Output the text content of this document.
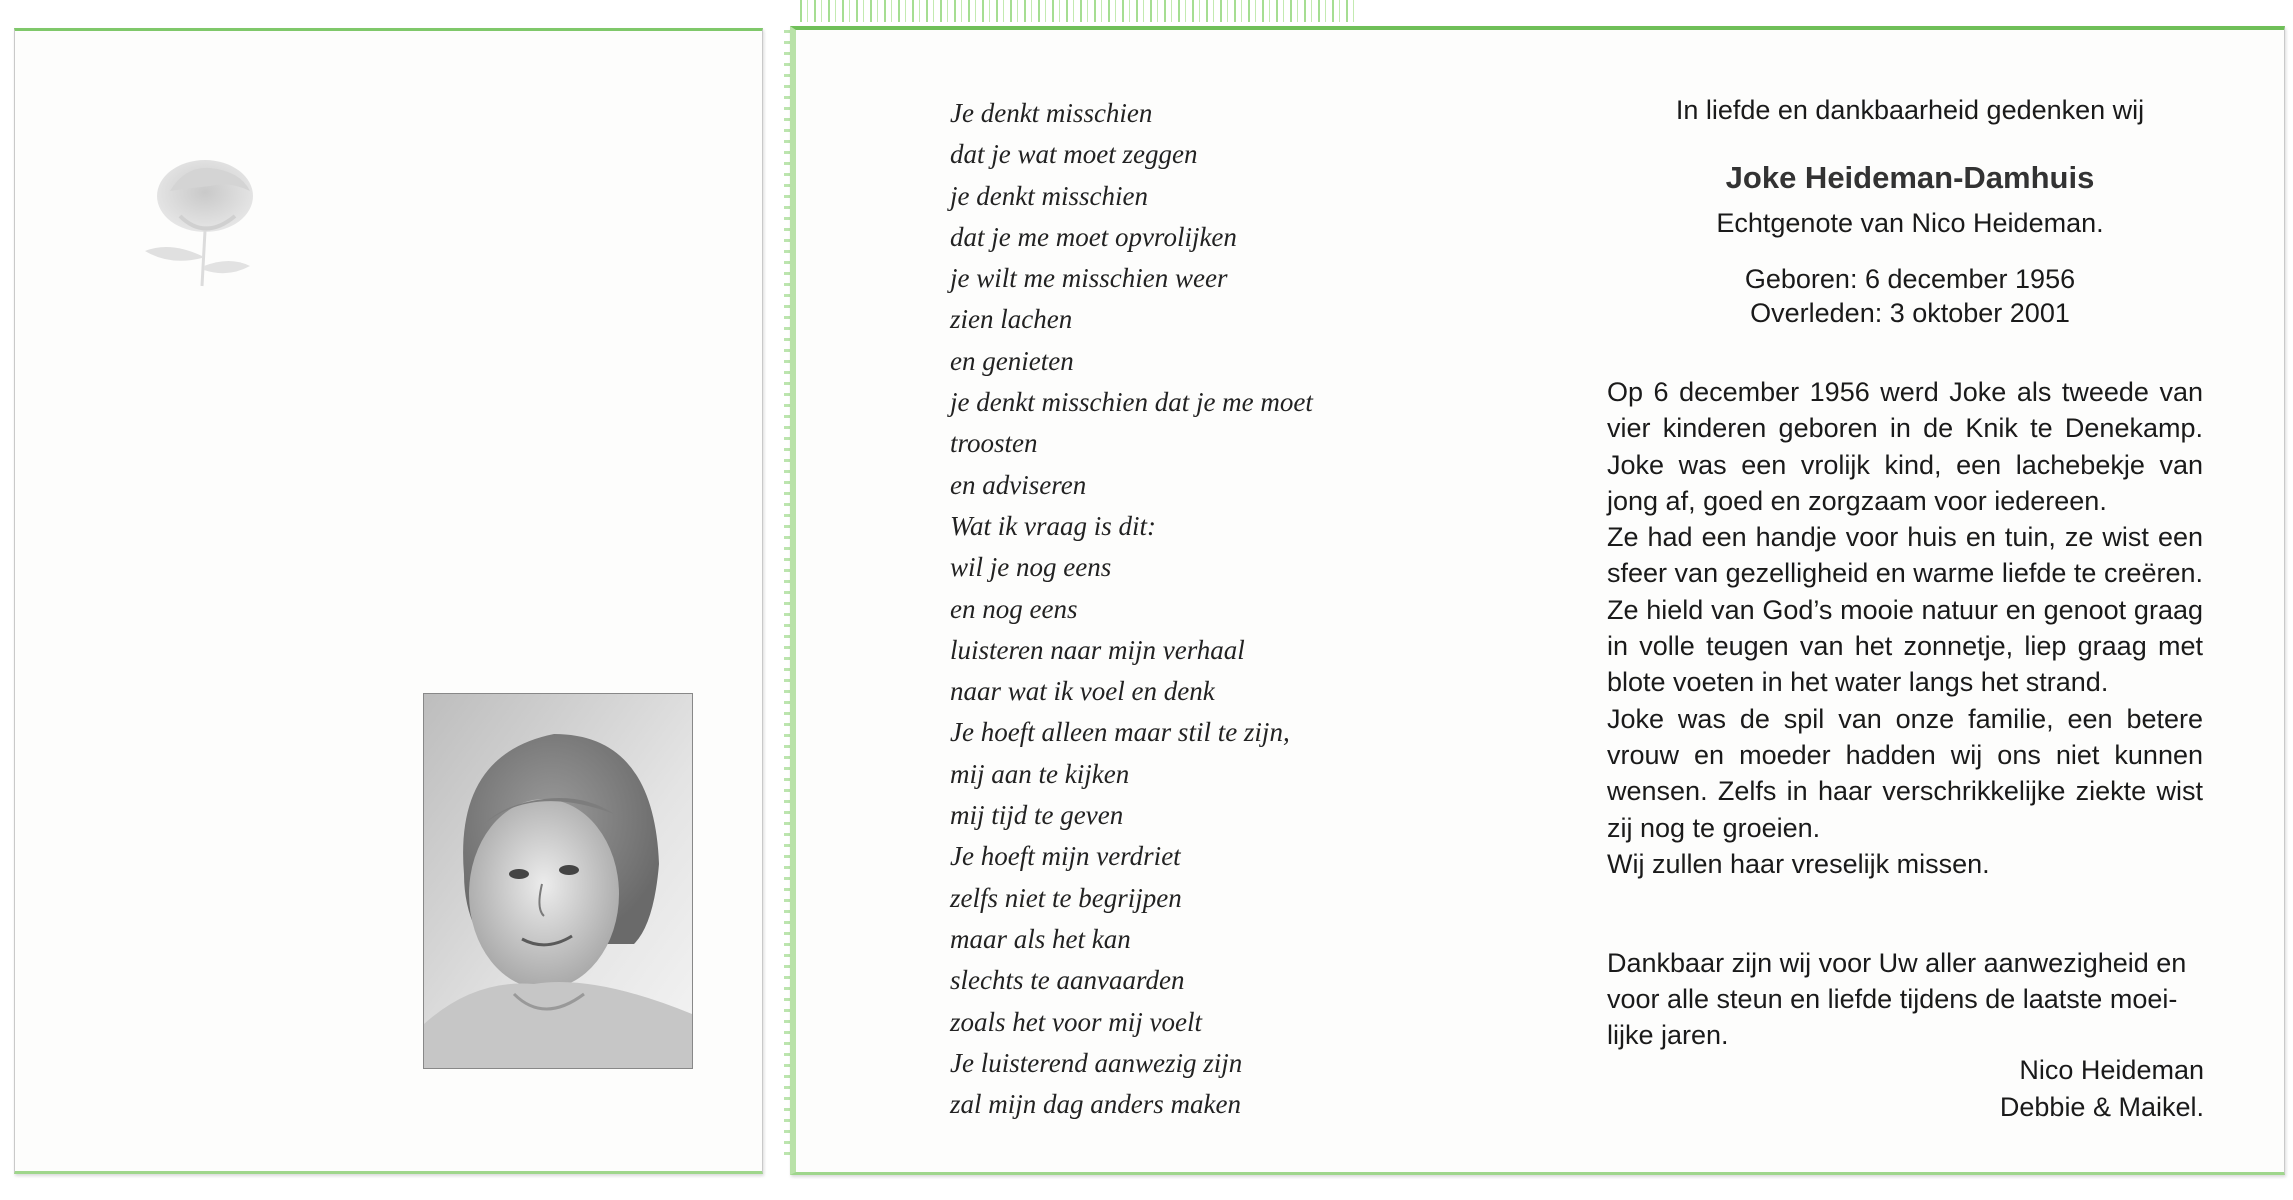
Je denkt misschien
dat je wat moet zeggen
je denkt misschien
dat je me moet opvrolijken
je wilt me misschien weer
zien lachen
en genieten
je denkt misschien dat je me moet
troosten
en adviseren
Wat ik vraag is dit:
wil je nog eens
en nog eens
luisteren naar mijn verhaal
naar wat ik voel en denk
Je hoeft alleen maar stil te zijn,
mij aan te kijken
mij tijd te geven
Je hoeft mijn verdriet
zelfs niet te begrijpen
maar als het kan
slechts te aanvaarden
zoals het voor mij voelt
Je luisterend aanwezig zijn
zal mijn dag anders maken
In liefde en dankbaarheid gedenken wij
Joke Heideman-Damhuis
Echtgenote van Nico Heideman.
Geboren: 6 december 1956
Overleden: 3 oktober 2001

Op 6 december 1956 werd Joke als tweede van vier kinderen geboren in de Knik te Denekamp. Joke was een vrolijk kind, een lachebekje van jong af, goed en zorgzaam voor iedereen.

Ze had een handje voor huis en tuin, ze wist een sfeer van gezelligheid en warme liefde te creëren. Ze hield van God’s mooie natuur en genoot graag in volle teugen van het zonnetje, liep graag met blote voeten in het water langs het strand.

Joke was de spil van onze familie, een betere vrouw en moeder hadden wij ons niet kunnen wensen. Zelfs in haar verschrikkelijke ziekte wist zij nog te groeien.

Wij zullen haar vreselijk missen.

Dankbaar zijn wij voor Uw aller aanwezigheid en voor alle steun en liefde tijdens de laatste moeilijke jaren.

Nico Heideman
Debbie & Maikel.
